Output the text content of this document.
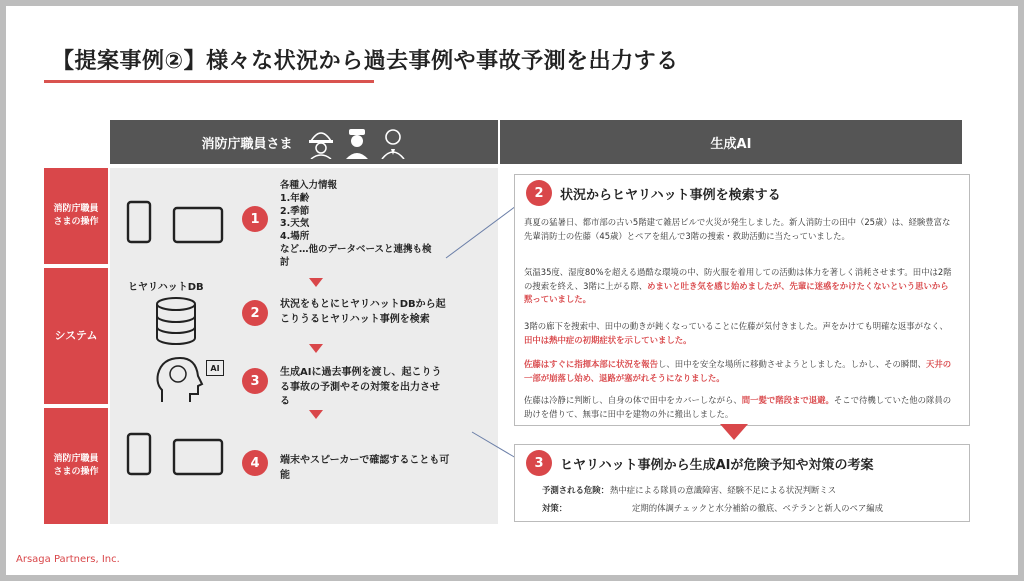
【提案事例②】様々な状況から過去事例や事故予測を出力する
消防庁職員さま	生成AI
消防庁職員
さまの操作
システム
消防庁職員
さまの操作
1
各種入力情報
1.年齢
2.季節
3.天気
4.場所
など…他のデータベースと連携も検
討
ヒヤリハットDB
2
状況をもとにヒヤリハットDBから起
こりうるヒヤリハット事例を検索
AI
3
生成AIに過去事例を渡し、起こりう
る事故の予測やその対策を出力させ
る
4	端末やスピーカーで確認することも可
能
2	状況からヒヤリハット事例を検索する
真夏の猛暑日、都市部の古い5階建て雑居ビルで火災が発生しました。新人消防士の田中（25歳）は、経験豊富な先輩消防士の佐藤（45歳）とペアを組んで3階の捜索・救助活動に当たっていました。
気温35度、湿度80%を超える過酷な環境の中、防火服を着用しての活動は体力を著しく消耗させます。田中は2階の捜索を終え、3階に上がる際、めまいと吐き気を感じ始めましたが、先輩に迷惑をかけたくないという思いから黙っていました。
3階の廊下を捜索中、田中の動きが鈍くなっていることに佐藤が気付きました。声をかけても明確な返事がなく、田中は熱中症の初期症状を示していました。
佐藤はすぐに指揮本部に状況を報告し、田中を安全な場所に移動させようとしました。しかし、その瞬間、天井の一部が崩落し始め、退路が塞がれそうになりました。
佐藤は冷静に判断し、自身の体で田中をカバーしながら、間一髪で階段まで退避。そこで待機していた他の隊員の助けを借りて、無事に田中を建物の外に搬出しました。
3	ヒヤリハット事例から生成AIが危険予知や対策の考案
予測される危険：熱中症による隊員の意識障害、経験不足による状況判断ミス
対策：	定期的体調チェックと水分補給の徹底、ベテランと新人のペア編成
Arsaga Partners, Inc.
